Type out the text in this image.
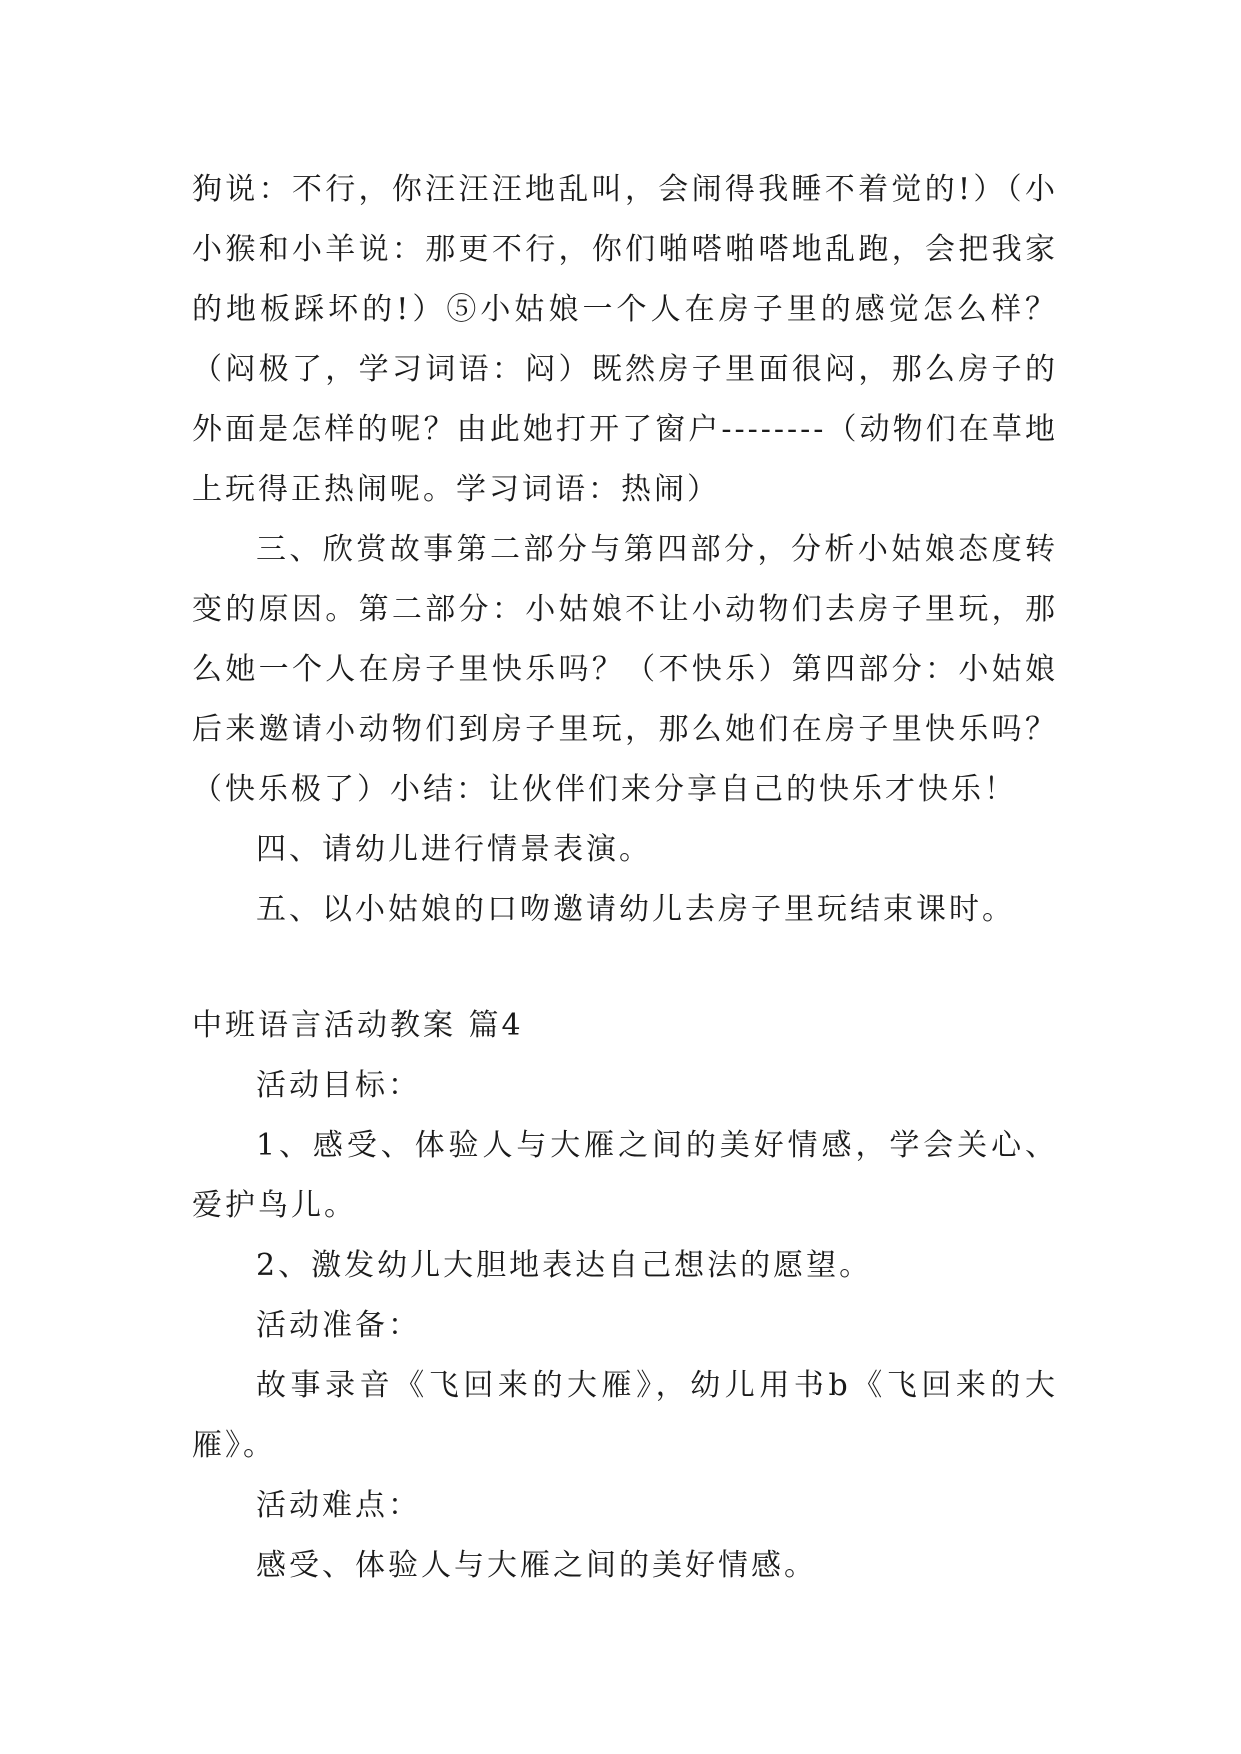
狗说：不行，你汪汪汪地乱叫，会闹得我睡不着觉的!）（小小猴和小羊说：那更不行，你们啪嗒啪嗒地乱跑，会把我家的地板踩坏的!）⑤小姑娘一个人在房子里的感觉怎么样？（闷极了，学习词语：闷）既然房子里面很闷，那么房子的外面是怎样的呢？由此她打开了窗户--------（动物们在草地上玩得正热闹呢。学习词语：热闹）

三、欣赏故事第二部分与第四部分，分析小姑娘态度转变的原因。第二部分：小姑娘不让小动物们去房子里玩，那么她一个人在房子里快乐吗？（不快乐）第四部分：小姑娘后来邀请小动物们到房子里玩，那么她们在房子里快乐吗？（快乐极了）小结：让伙伴们来分享自己的快乐才快乐！

四、请幼儿进行情景表演。

五、以小姑娘的口吻邀请幼儿去房子里玩结束课时。

中班语言活动教案 篇4

活动目标：

1、感受、体验人与大雁之间的美好情感，学会关心、爱护鸟儿。

2、激发幼儿大胆地表达自己想法的愿望。

活动准备：

故事录音《飞回来的大雁》，幼儿用书b《飞回来的大雁》。

活动难点：

感受、体验人与大雁之间的美好情感。
